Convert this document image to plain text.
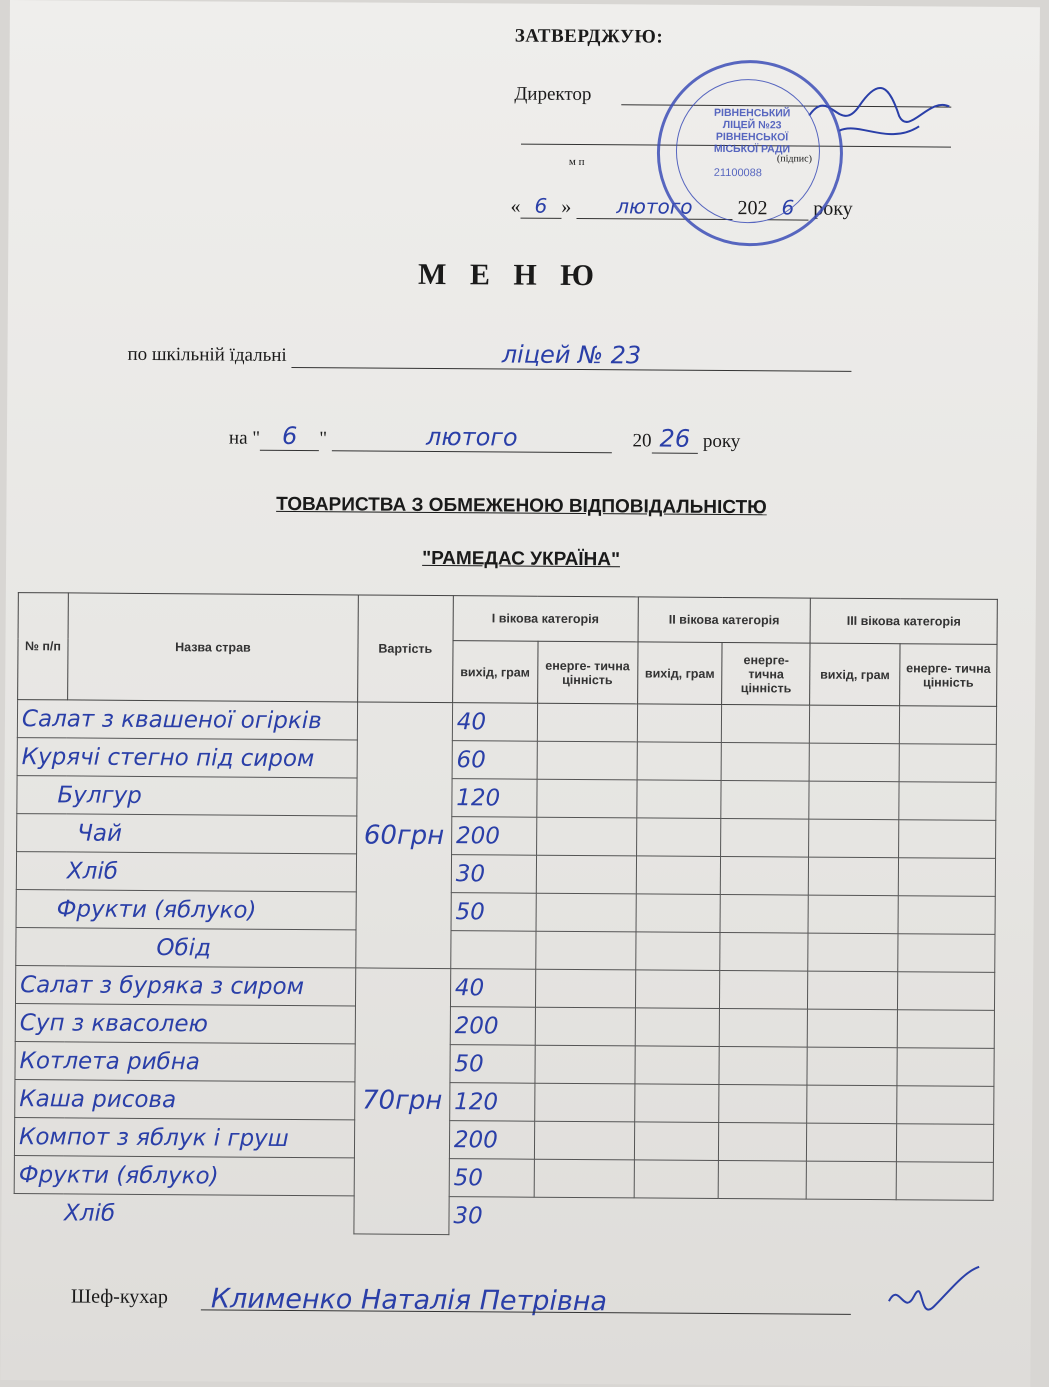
ЗАТВЕРДЖУЮ:
Директор
м п	(підпис)
« 6 » лютого 202 6 року
РІВНЕНСЬКИЙ ЛІЦЕЙ №23 РІВНЕНСЬКОЇ МІСЬКОЇ РАДИ
21100088
М Е Н Ю
по шкільній їдальні	ліцей № 23
на " 6 "	лютого	20 26 року
ТОВАРИСТВА З ОБМЕЖЕНОЮ ВІДПОВІДАЛЬНІСТЮ
"РАМЕДАС УКРАЇНА"
№ п/п	Назва страв	Вартість	І вікова категорія		ІІ вікова категорія		ІІІ вікова категорія	
			вихід, грам	енерге- тична цінність	вихід, грам	енерге- тична цінність	вихід, грам	енерге- тична цінність
Салат з квашеної огірків		60грн	40					
Курячі стегно під сиром			60					
Булгур			120					
Чай			200					
Хліб			30					
Фрукти (яблуко)			50					
Обід								
Салат з буряка з сиром		70грн	40					
Суп з квасолею			200					
Котлета рибна			50					
Каша рисова			120					
Компот з яблук і груш			200					
Фрукти (яблуко)			50					
Хліб			30					
Шеф-кухар Клименко Наталія Петрівна
